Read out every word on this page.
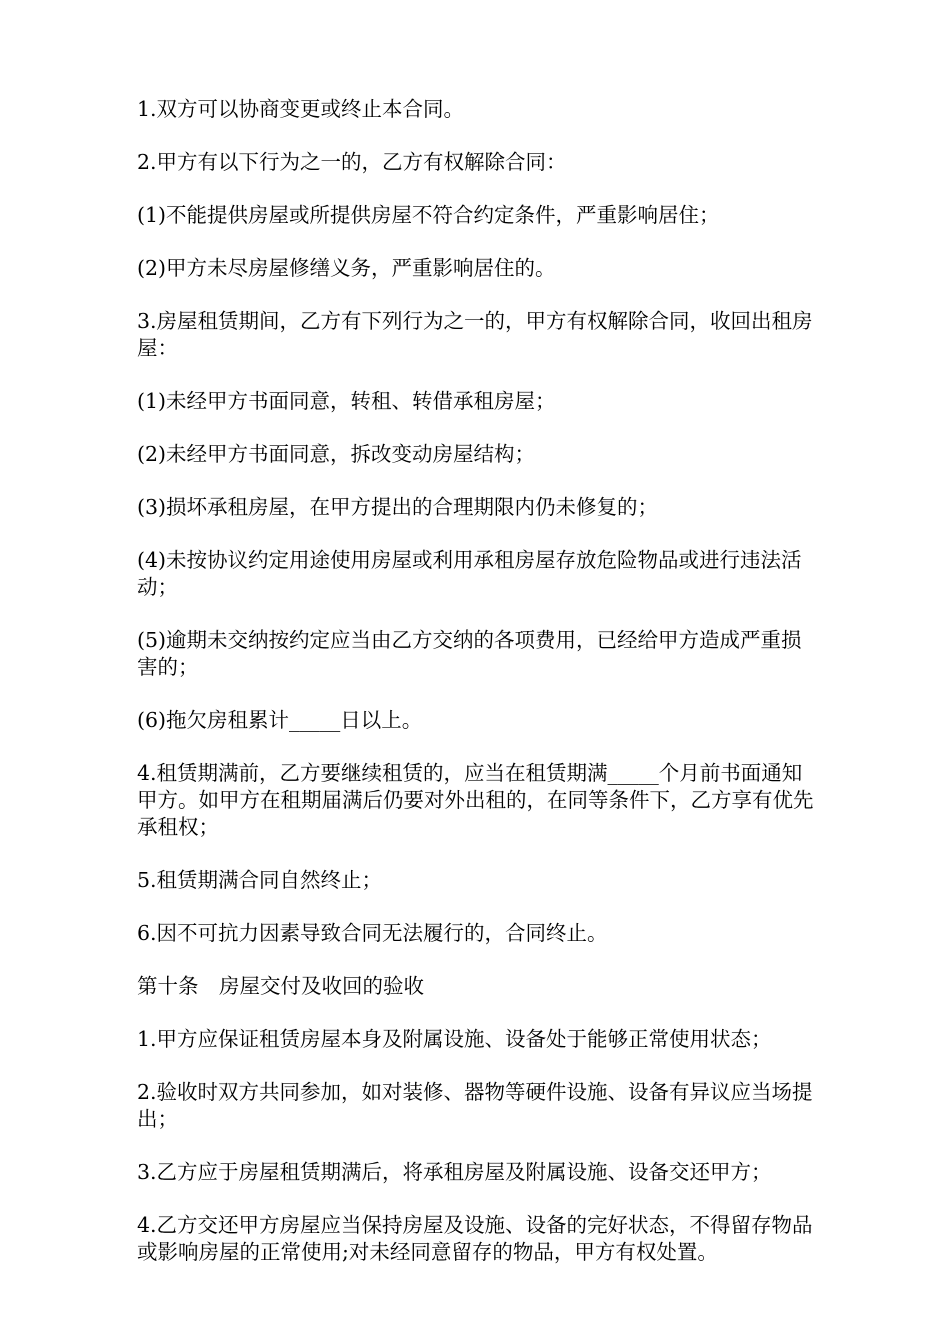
1.双方可以协商变更或终止本合同。

2.甲方有以下行为之一的，乙方有权解除合同：

(1)不能提供房屋或所提供房屋不符合约定条件，严重影响居住；

(2)甲方未尽房屋修缮义务，严重影响居住的。

3.房屋租赁期间，乙方有下列行为之一的，甲方有权解除合同，收回出租房屋：

(1)未经甲方书面同意，转租、转借承租房屋；

(2)未经甲方书面同意，拆改变动房屋结构；

(3)损坏承租房屋，在甲方提出的合理期限内仍未修复的；

(4)未按协议约定用途使用房屋或利用承租房屋存放危险物品或进行违法活动；

(5)逾期未交纳按约定应当由乙方交纳的各项费用，已经给甲方造成严重损害的；

(6)拖欠房租累计_____日以上。

4.租赁期满前，乙方要继续租赁的，应当在租赁期满_____个月前书面通知甲方。如甲方在租期届满后仍要对外出租的，在同等条件下，乙方享有优先承租权；

5.租赁期满合同自然终止；

6.因不可抗力因素导致合同无法履行的，合同终止。

第十条　房屋交付及收回的验收

1.甲方应保证租赁房屋本身及附属设施、设备处于能够正常使用状态；

2.验收时双方共同参加，如对装修、器物等硬件设施、设备有异议应当场提出；

3.乙方应于房屋租赁期满后，将承租房屋及附属设施、设备交还甲方；

4.乙方交还甲方房屋应当保持房屋及设施、设备的完好状态，不得留存物品或影响房屋的正常使用;对未经同意留存的物品，甲方有权处置。
